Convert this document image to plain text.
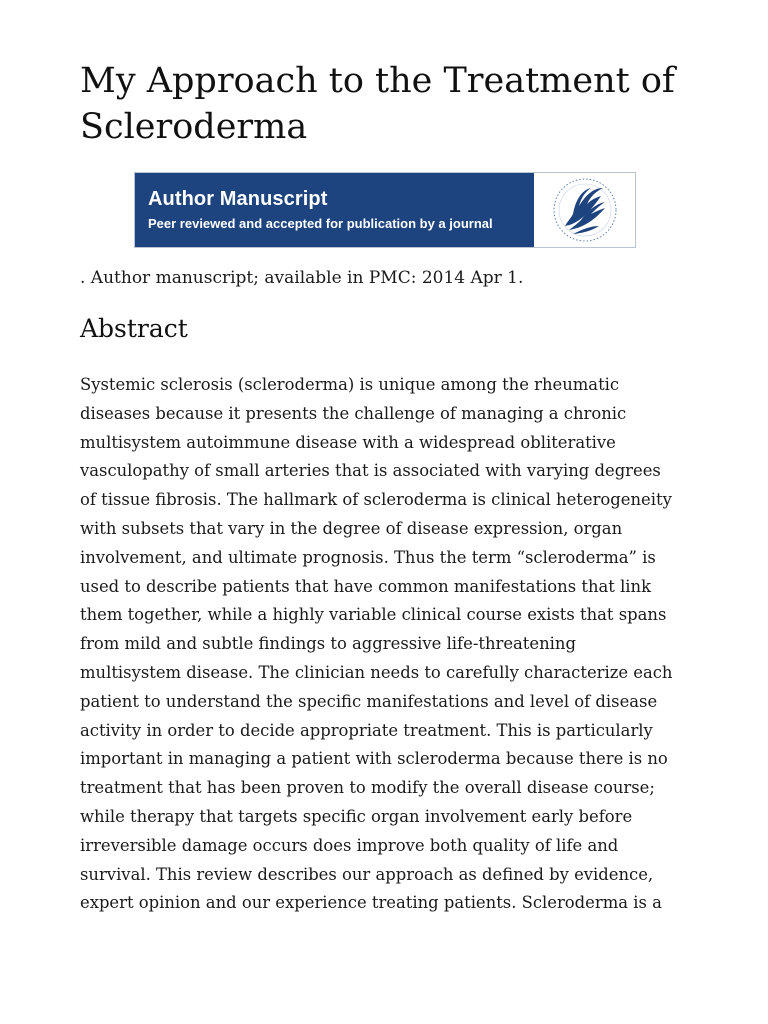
My Approach to the Treatment of
Scleroderma
Author Manuscript
Peer reviewed and accepted for publication by a journal

. Author manuscript; available in PMC: 2014 Apr 1.

Abstract

Systemic sclerosis (scleroderma) is unique among the rheumatic
diseases because it presents the challenge of managing a chronic
multisystem autoimmune disease with a widespread obliterative
vasculopathy of small arteries that is associated with varying degrees
of tissue fibrosis. The hallmark of scleroderma is clinical heterogeneity
with subsets that vary in the degree of disease expression, organ
involvement, and ultimate prognosis. Thus the term “scleroderma” is
used to describe patients that have common manifestations that link
them together, while a highly variable clinical course exists that spans
from mild and subtle findings to aggressive life-threatening
multisystem disease. The clinician needs to carefully characterize each
patient to understand the specific manifestations and level of disease
activity in order to decide appropriate treatment. This is particularly
important in managing a patient with scleroderma because there is no
treatment that has been proven to modify the overall disease course;
while therapy that targets specific organ involvement early before
irreversible damage occurs does improve both quality of life and
survival. This review describes our approach as defined by evidence,
expert opinion and our experience treating patients. Scleroderma is a
